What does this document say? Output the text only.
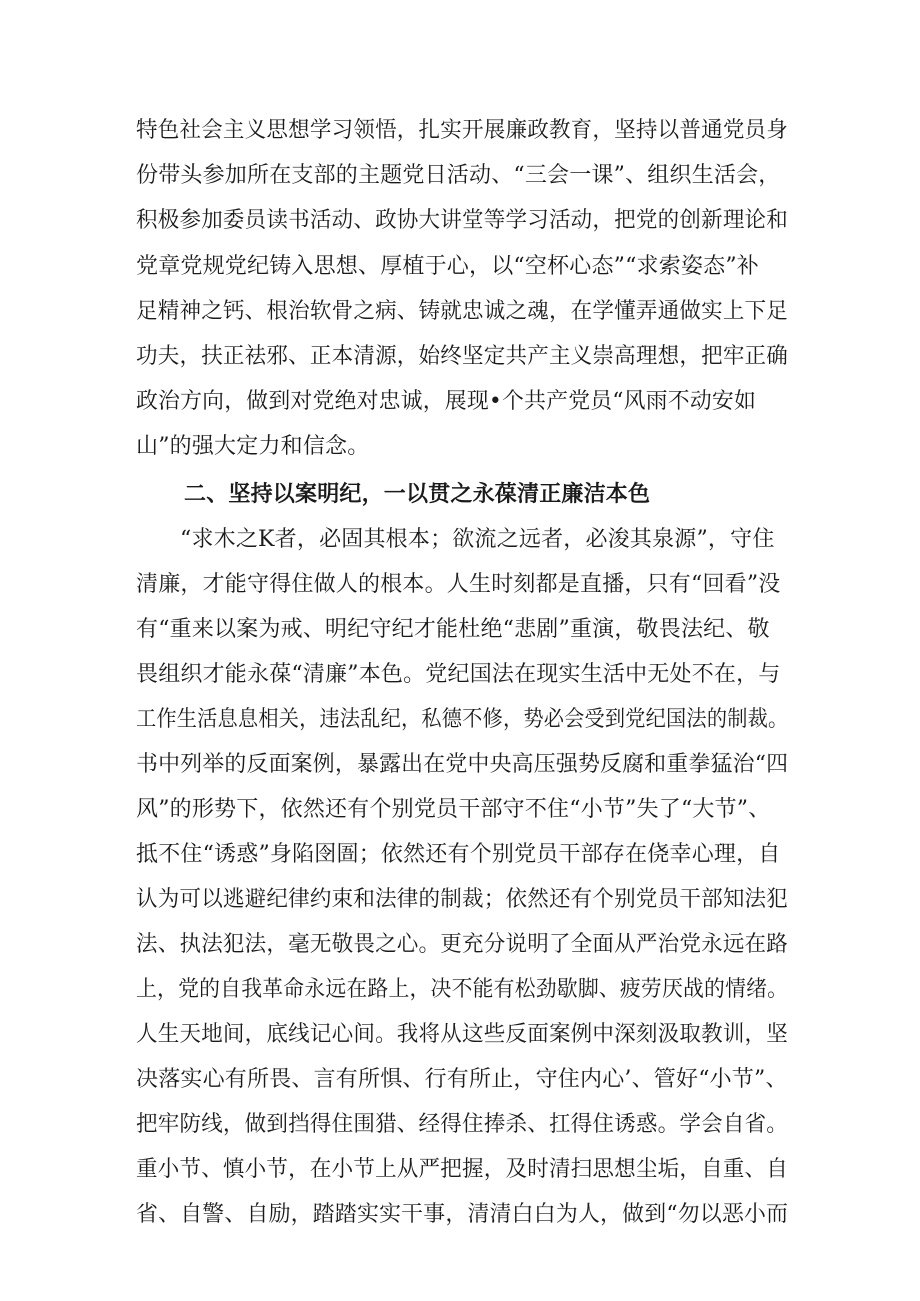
特色社会主义思想学习领悟，扎实开展廉政教育，坚持以普通党员身
份带头参加所在支部的主题党日活动、“三会一课”、组织生活会，
积极参加委员读书活动、政协大讲堂等学习活动，把党的创新理论和
党章党规党纪铸入思想、厚植于心，以“空杯心态”“求索姿态”补
足精神之钙、根治软骨之病、铸就忠诚之魂，在学懂弄通做实上下足
功夫，扶正祛邪、正本清源，始终坚定共产主义崇高理想，把牢正确
政治方向，做到对党绝对忠诚，展现•个共产党员“风雨不动安如
山”的强大定力和信念。
二、坚持以案明纪，一以贯之永葆清正廉洁本色
“求木之K者，必固其根本；欲流之远者，必浚其泉源”，守住
清廉，才能守得住做人的根本。人生时刻都是直播，只有“回看”没
有“重来以案为戒、明纪守纪才能杜绝“悲剧”重演，敬畏法纪、敬
畏组织才能永葆“清廉”本色。党纪国法在现实生活中无处不在，与
工作生活息息相关，违法乱纪，私德不修，势必会受到党纪国法的制裁。
书中列举的反面案例，暴露出在党中央高压强势反腐和重拳猛治“四
风”的形势下，依然还有个别党员干部守不住“小节”失了“大节”、
抵不住“诱惑”身陷囹圄；依然还有个别党员干部存在侥幸心理，自
认为可以逃避纪律约束和法律的制裁；依然还有个别党员干部知法犯
法、执法犯法，毫无敬畏之心。更充分说明了全面从严治党永远在路
上，党的自我革命永远在路上，决不能有松劲歇脚、疲劳厌战的情绪。
人生天地间，底线记心间。我将从这些反面案例中深刻汲取教训，坚
决落实心有所畏、言有所惧、行有所止，守住内心’、管好“小节”、
把牢防线，做到挡得住围猎、经得住捧杀、扛得住诱惑。学会自省。
重小节、慎小节，在小节上从严把握，及时清扫思想尘垢，自重、自
省、自警、自励，踏踏实实干事，清清白白为人，做到“勿以恶小而
